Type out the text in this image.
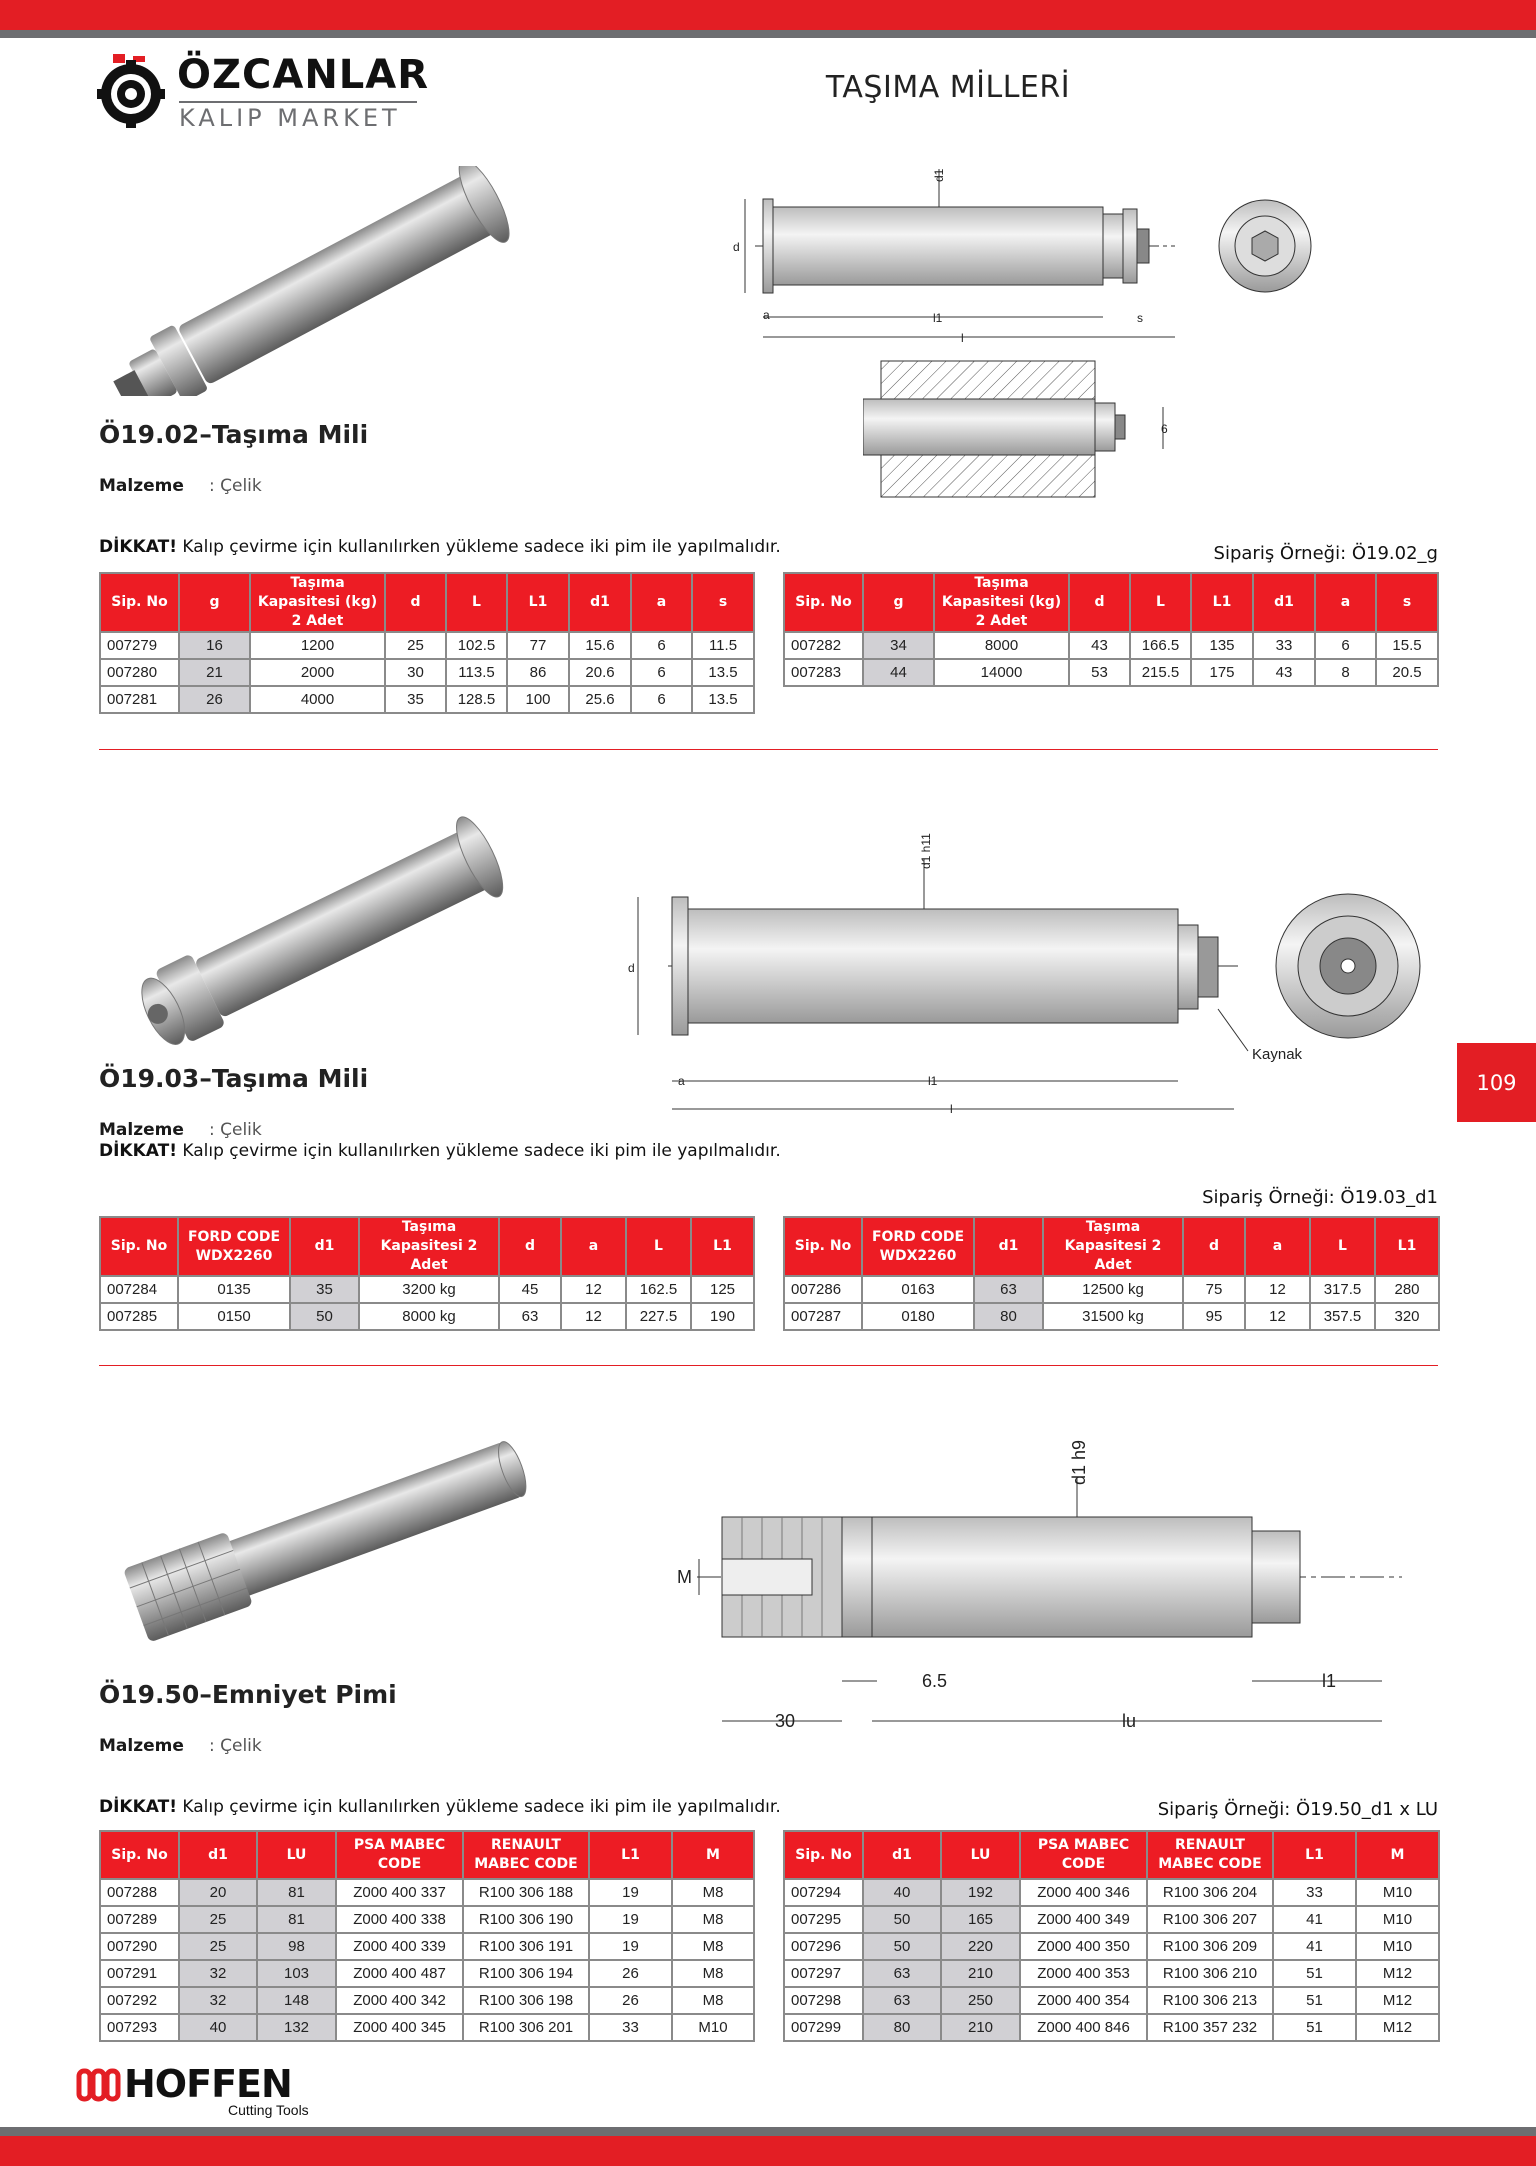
ÖZCANLAR
KALIP MARKET
TAŞIMA MİLLERİ
109
d1
d
a	l1	s
l
6
Ö19.02–Taşıma Mili
Malzeme : Çelik
DİKKAT! Kalıp çevirme için kullanılırken yükleme sadece iki pim ile yapılmalıdır.	Sipariş Örneği: Ö19.02_g
Sip. No	g	Taşıma Kapasitesi (kg) 2 Adet	d	L	L1	d1	a	s
007279	16	1200	25	102.5	77	15.6	6	11.5
007280	21	2000	30	113.5	86	20.6	6	13.5
007281	26	4000	35	128.5	100	25.6	6	13.5
Sip. No	g	Taşıma Kapasitesi (kg) 2 Adet	d	L	L1	d1	a	s
007282	34	8000	43	166.5	135	33	6	15.5
007283	44	14000	53	215.5	175	43	8	20.5
d1 h11
d
a	l1
l
Kaynak
Ö19.03–Taşıma Mili
Malzeme : Çelik
DİKKAT! Kalıp çevirme için kullanılırken yükleme sadece iki pim ile yapılmalıdır.
Sipariş Örneği: Ö19.03_d1
Sip. No	FORD CODE WDX2260	d1	Taşıma Kapasitesi 2 Adet	d	a	L	L1
007284	0135	35	3200 kg	45	12	162.5	125
007285	0150	50	8000 kg	63	12	227.5	190
Sip. No	FORD CODE WDX2260	d1	Taşıma Kapasitesi 2 Adet	d	a	L	L1
007286	0163	63	12500 kg	75	12	317.5	280
007287	0180	80	31500 kg	95	12	357.5	320
d1 h9
M
6.5	l1
30	lu
Ö19.50–Emniyet Pimi
Malzeme : Çelik
DİKKAT! Kalıp çevirme için kullanılırken yükleme sadece iki pim ile yapılmalıdır.	Sipariş Örneği: Ö19.50_d1 x LU
Sip. No	d1	LU	PSA MABEC CODE	RENAULT MABEC CODE	L1	M
007288	20	81	Z000 400 337	R100 306 188	19	M8
007289	25	81	Z000 400 338	R100 306 190	19	M8
007290	25	98	Z000 400 339	R100 306 191	19	M8
007291	32	103	Z000 400 487	R100 306 194	26	M8
007292	32	148	Z000 400 342	R100 306 198	26	M8
007293	40	132	Z000 400 345	R100 306 201	33	M10
Sip. No	d1	LU	PSA MABEC CODE	RENAULT MABEC CODE	L1	M
007294	40	192	Z000 400 346	R100 306 204	33	M10
007295	50	165	Z000 400 349	R100 306 207	41	M10
007296	50	220	Z000 400 350	R100 306 209	41	M10
007297	63	210	Z000 400 353	R100 306 210	51	M12
007298	63	250	Z000 400 354	R100 306 213	51	M12
007299	80	210	Z000 400 846	R100 357 232	51	M12
HOFFEN
Cutting Tools
